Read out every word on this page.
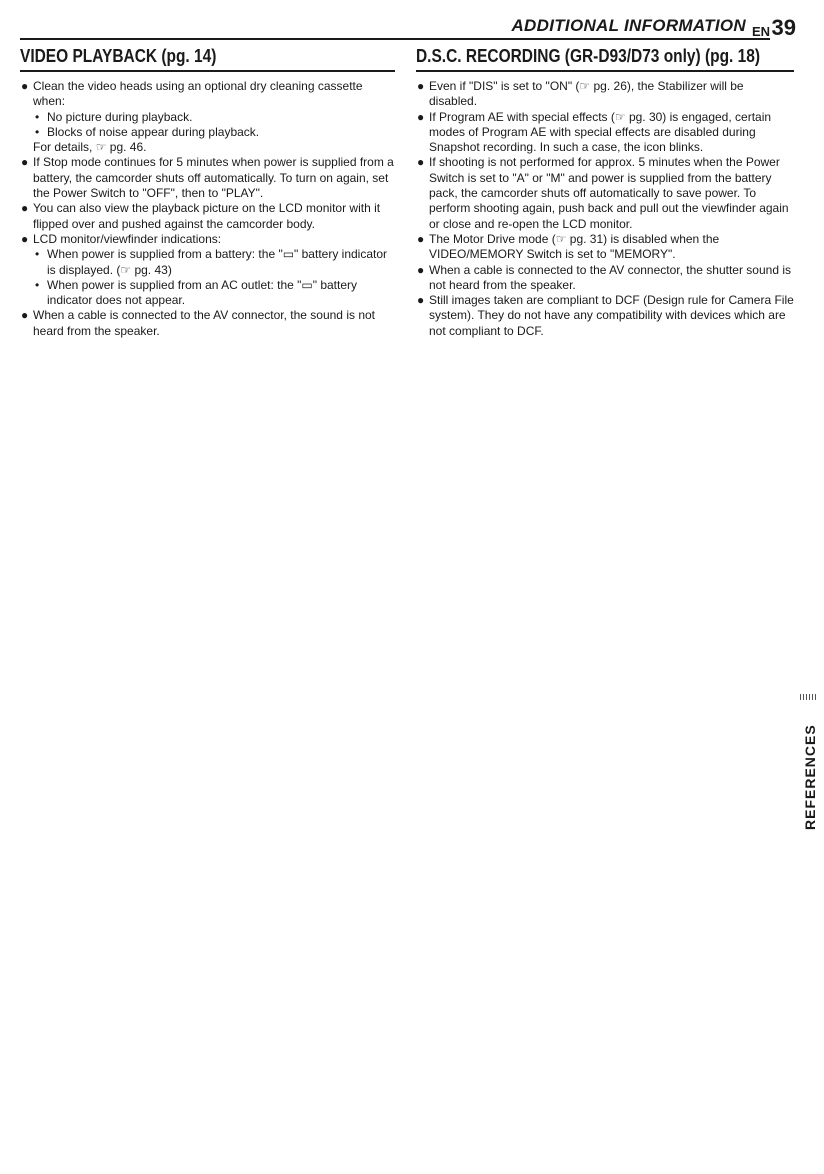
ADDITIONAL INFORMATION EN 39
VIDEO PLAYBACK (pg. 14)
● Clean the video heads using an optional dry cleaning cassette when:
• No picture during playback.
• Blocks of noise appear during playback.
For details, ☞ pg. 46.
● If Stop mode continues for 5 minutes when power is supplied from a battery, the camcorder shuts off automatically. To turn on again, set the Power Switch to "OFF", then to "PLAY".
● You can also view the playback picture on the LCD monitor with it flipped over and pushed against the camcorder body.
● LCD monitor/viewfinder indications:
• When power is supplied from a battery: the "▭" battery indicator is displayed. (☞ pg. 43)
• When power is supplied from an AC outlet: the "▭" battery indicator does not appear.
● When a cable is connected to the AV connector, the sound is not heard from the speaker.
D.S.C. RECORDING (GR-D93/D73 only) (pg. 18)
● Even if "DIS" is set to "ON" (☞ pg. 26), the Stabilizer will be disabled.
● If Program AE with special effects (☞ pg. 30) is engaged, certain modes of Program AE with special effects are disabled during Snapshot recording. In such a case, the icon blinks.
● If shooting is not performed for approx. 5 minutes when the Power Switch is set to "A" or "M" and power is supplied from the battery pack, the camcorder shuts off automatically to save power. To perform shooting again, push back and pull out the viewfinder again or close and re-open the LCD monitor.
● The Motor Drive mode (☞ pg. 31) is disabled when the VIDEO/MEMORY Switch is set to "MEMORY".
● When a cable is connected to the AV connector, the shutter sound is not heard from the speaker.
● Still images taken are compliant to DCF (Design rule for Camera File system). They do not have any compatibility with devices which are not compliant to DCF.
REFERENCES
